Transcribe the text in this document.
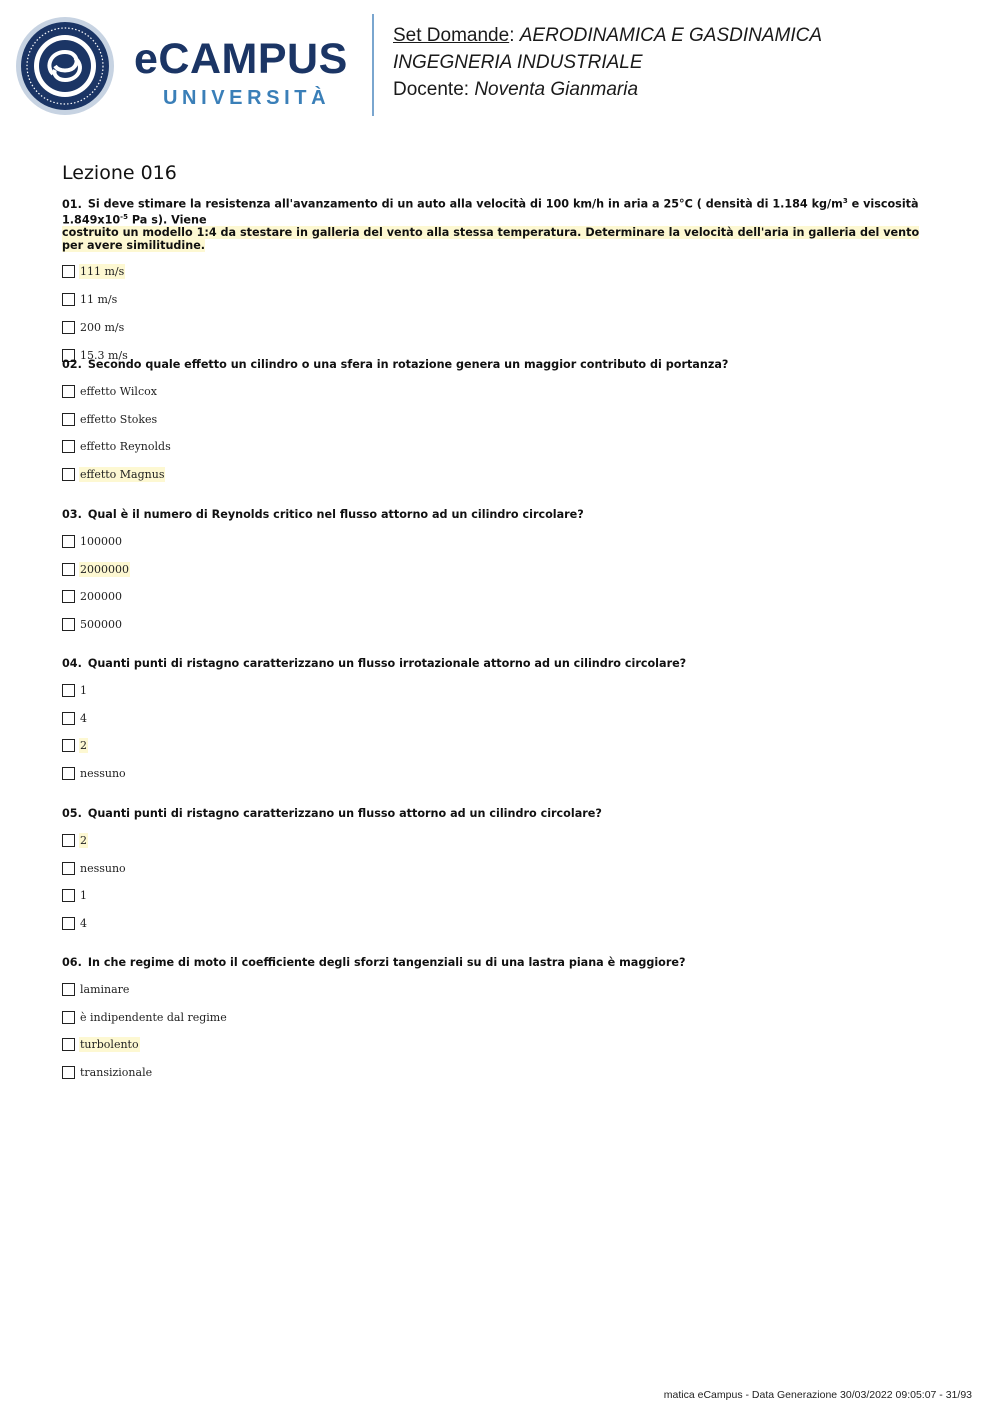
eCAMPUS
UNIVERSITÀ
Set Domande: AERODINAMICA E GASDINAMICA
INGEGNERIA INDUSTRIALE
Docente: Noventa Gianmaria
Lezione 016

01. Si deve stimare la resistenza all'avanzamento di un auto alla velocità di 100 km/h in aria a 25°C ( densità di 1.184 $kg/m^3$ e viscosità $1.849x10^{-5}$ Pa s). Viene
costruito un modello 1:4 da stestare in galleria del vento alla stessa temperatura. Determinare la velocità dell'aria in galleria del vento per avere similitudine.

111 m/s
11 m/s
200 m/s
15.3 m/s

02. Secondo quale effetto un cilindro o una sfera in rotazione genera un maggior contributo di portanza?

effetto Wilcox
effetto Stokes
effetto Reynolds
effetto Magnus

03. Qual è il numero di Reynolds critico nel flusso attorno ad un cilindro circolare?

100000
2000000
200000
500000

04. Quanti punti di ristagno caratterizzano un flusso irrotazionale attorno ad un cilindro circolare?

1
4
2
nessuno

05. Quanti punti di ristagno caratterizzano un flusso attorno ad un cilindro circolare?

2
nessuno
1
4

06. In che regime di moto il coefficiente degli sforzi tangenziali su di una lastra piana è maggiore?

laminare
è indipendente dal regime
turbolento
transizionale
matica eCampus - Data Generazione 30/03/2022 09:05:07 - 31/93
